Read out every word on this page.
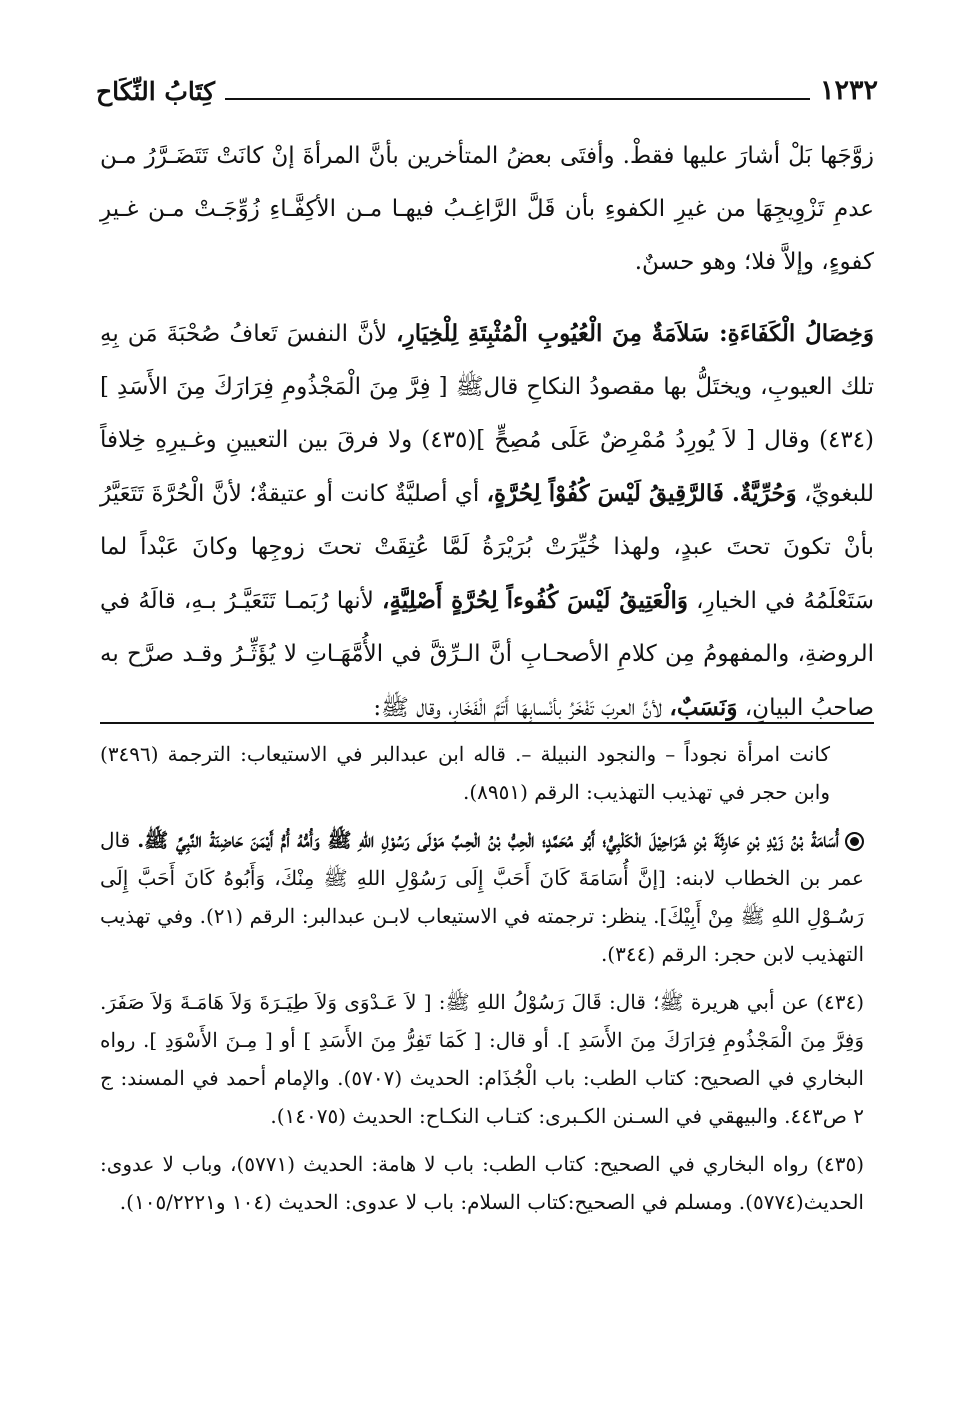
١٢٣٢
كِتَابُ النِّكَاح

زوَّجَها بَلْ أشارَ عليها فقطْ. وأفتَى بعضُ المتأخرين بأنَّ المرأةَ إنْ كانَتْ تَتَضَـرَّرُ مـن عدمِ تَزْوِيجِهَا من غيرِ الكفوءِ بأن قَلَّ الرَّاغِـبُ فيهـا مـن الأكِفَّـاءِ زُوِّجَـتْ مـن غـيرِ كفوءٍ، وإلاَّ فلا؛ وهو حسنٌ.

وَخِصَالُ الْكَفَاءَةِ: سَلاَمَةٌ مِنَ الْعُيُوبِ الْمُثْبِتَةِ لِلْخِيَارِ، لأنَّ النفسَ تَعافُ صُحْبَةَ مَن بِهِ تلك العيوبِ، ويختَلُّ بها مقصودُ النكاحِ قالﷺ [ فِرَّ مِنَ الْمَجْذُومِ فِرَارَكَ مِنَ الأَسَدِ ](٤٣٤) وقال [ لاَ يُورِدُ مُمْرِضٌ عَلَى مُصِحٍّ ](٤٣٥) ولا فرقَ بين التعيينِ وغـيرِهِ خِلافاً للبغويِّ، وَحُرِّيَّةٌ. فَالرَّقِيقُ لَيْسَ كُفُوْاً لِحُرَّةٍ، أي أصليَّةٌ كانت أو عتيقةٌ؛ لأنَّ الْحُرَّةَ تَتَعَيَّرُ بأنْ تكونَ تحتَ عبدٍ، ولهذا خُيِّرَتْ بُرَيْرَةُ لَمَّا عُتِقَتْ تحتَ زوجِها وكانَ عَبْداً لما سَتَعْلَمُهُ في الخيارِ، وَالْعَتِيقُ لَيْسَ كُفُوءاً لِحُرَّةٍ أَصْلِيَّةٍ، لأنها رُبَمـا تَتَعَيَّـرُ بـهِ، قالَهُ في الروضةِ، والمفهومُ مِن كلامِ الأصحـابِ أنَّ الـرِّقَّ في الأُمَّهَـاتِ لا يُؤَثِّـرُ وقـد صرَّح به صاحبُ البيانِ، وَنَسَبٌ، لأنَّ العربَ تَفْخَرُ بأنْسابِهَا أَتَمَّ الْفَخَارِ، وقال ﷺ:

كانت امرأة نجوداً – والنجود النبيلة –. قاله ابن عبدالبر في الاستيعاب: الترجمة (٣٤٩٦) وابن حجر في تهذيب التهذيب: الرقم (٨٩٥١).

أُسَامَةُ بْنُ زَيْدِ بْنِ حَارِثَةَ بْنِ شَرَاحِيْلَ الْكَلْبِيُّ؛ أَبُو مُحَمَّدٍ؛ الْحِبُّ بْنُ الْحِـبِّ مَوْلَى رَسُوْلِ اللهِ ﷺ وَأُمُّهُ أُمُّ أَيْمَنَ حَاضِنَةُ النَّبِيِّ ﷺ. قال عمر بن الخطاب لابنه: [إنَّ أُسَامَةَ كَانَ أَحَبَّ إِلَى رَسُوْلِ اللهِ ﷺ مِنْكَ، وَأَبُوهُ كَانَ أَحَبَّ إِلَى رَسُـوْلِ اللهِ ﷺ مِنْ أَبِيْكَ]. ينظر: ترجمته في الاستيعاب لابـن عبدالبر: الرقم (٢١). وفي تهذيب التهذيب لابن حجر: الرقم (٣٤٤).

(٤٣٤) عن أبي هريرة ﷺ؛ قال: قَالَ رَسُوْلُ اللهِ ﷺ: [ لاَ عَـدْوَى وَلاَ طِيَـرَةَ وَلاَ هَامَـةَ وَلاَ صَفَرَ. وَفِرَّ مِنَ الْمَجْذُومِ فِرَارَكَ مِنَ الأَسَدِ ]. أو قال: [ كَمَا تَفِرُّ مِنَ الأَسَدِ ] أو [ مِـنَ الأَسْوَدِ ]. رواه البخاري في الصحيح: كتاب الطب: باب الْجُذَام: الحديث (٥٧٠٧). والإمام أحمد في المسند: ج ٢ ص٤٤٣. والبيهقي في السـنن الكـبرى: كتـاب النكـاح: الحديث (١٤٠٧٥).

(٤٣٥) رواه البخاري في الصحيح: كتاب الطب: باب لا هامة: الحديث (٥٧٧١)، وباب لا عدوى: الحديث(٥٧٧٤). ومسلم في الصحيح:كتاب السلام: باب لا عدوى: الحديث (١٠٤ و١٠٥/٢٢٢١).
